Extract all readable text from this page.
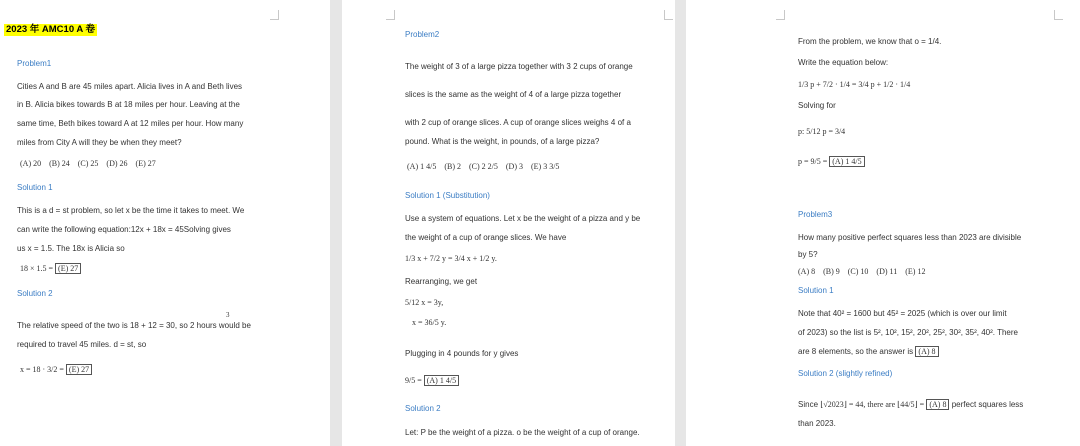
2023 年 AMC10 A 卷
Problem1
Cities A and B are 45 miles apart. Alicia lives in A and Beth lives
in B. Alicia bikes towards B at 18 miles per hour. Leaving at the
same time, Beth bikes toward A at 12 miles per hour. How many
miles from City A will they be when they meet?
(A) 20    (B) 24    (C) 25    (D) 26    (E) 27
Solution 1
This is a d = st problem, so let x be the time it takes to meet. We
can write the following equation:12x + 18x = 45Solving gives
us x = 1.5. The 18x is Alicia so
18 × 1.5 = (E) 27
Solution 2
3
The relative speed of the two is 18 + 12 = 30, so 2 hours would be
required to travel 45 miles. d = st, so
x = 18 · 3/2 = (E) 27
Problem2
The weight of 3 of a large pizza together with 3 2 cups of orange
slices is the same as the weight of 4 of a large pizza together
with 2 cup of orange slices. A cup of orange slices weighs 4 of a
pound. What is the weight, in pounds, of a large pizza?
(A) 1 4/5    (B) 2    (C) 2 2/5    (D) 3    (E) 3 3/5
Solution 1 (Substitution)
Use a system of equations. Let x be the weight of a pizza and y be
the weight of a cup of orange slices. We have
1/3 x + 7/2 y = 3/4 x + 1/2 y.
Rearranging, we get
5/12 x = 3y,
x = 36/5 y.
Plugging in 4 pounds for y gives
9/5 = (A) 1 4/5
Solution 2
Let: P be the weight of a pizza. o be the weight of a cup of orange.
From the problem, we know that o = 1/4.
Write the equation below:
1/3 p + 7/2 · 1/4 = 3/4 p + 1/2 · 1/4
Solving for
p: 5/12 p = 3/4
p = 9/5 = (A) 1 4/5
Problem3
How many positive perfect squares less than 2023 are divisible
by 5?
(A) 8    (B) 9    (C) 10    (D) 11    (E) 12
Solution 1
Note that 40² = 1600 but 45² = 2025 (which is over our limit
of 2023) so the list is 5², 10², 15², 20², 25², 30², 35², 40². There
are 8 elements, so the answer is (A) 8
Solution 2 (slightly refined)
Since ⌊√2023⌋ = 44, there are ⌊44/5⌋ = (A) 8 perfect squares less
than 2023.
